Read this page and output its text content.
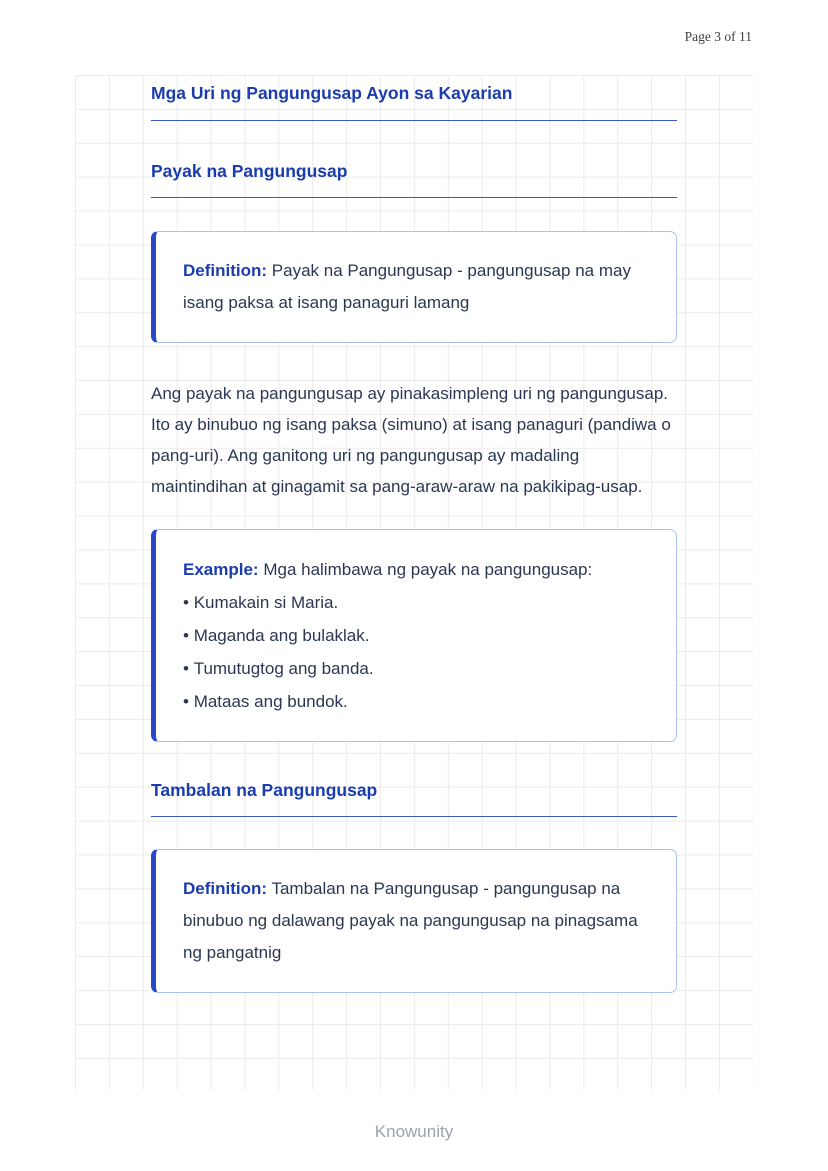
Page 3 of 11
Mga Uri ng Pangungusap Ayon sa Kayarian
Payak na Pangungusap
Definition: Payak na Pangungusap - pangungusap na may isang paksa at isang panaguri lamang

Ang payak na pangungusap ay pinakasimpleng uri ng pangungusap. Ito ay binubuo ng isang paksa (simuno) at isang panaguri (pandiwa o pang-uri). Ang ganitong uri ng pangungusap ay madaling maintindihan at ginagamit sa pang-araw-araw na pakikipag-usap.

Example: Mga halimbawa ng payak na pangungusap:
• Kumakain si Maria.
• Maganda ang bulaklak.
• Tumutugtog ang banda.
• Mataas ang bundok.
Tambalan na Pangungusap
Definition: Tambalan na Pangungusap - pangungusap na binubuo ng dalawang payak na pangungusap na pinagsama ng pangatnig
Knowunity
